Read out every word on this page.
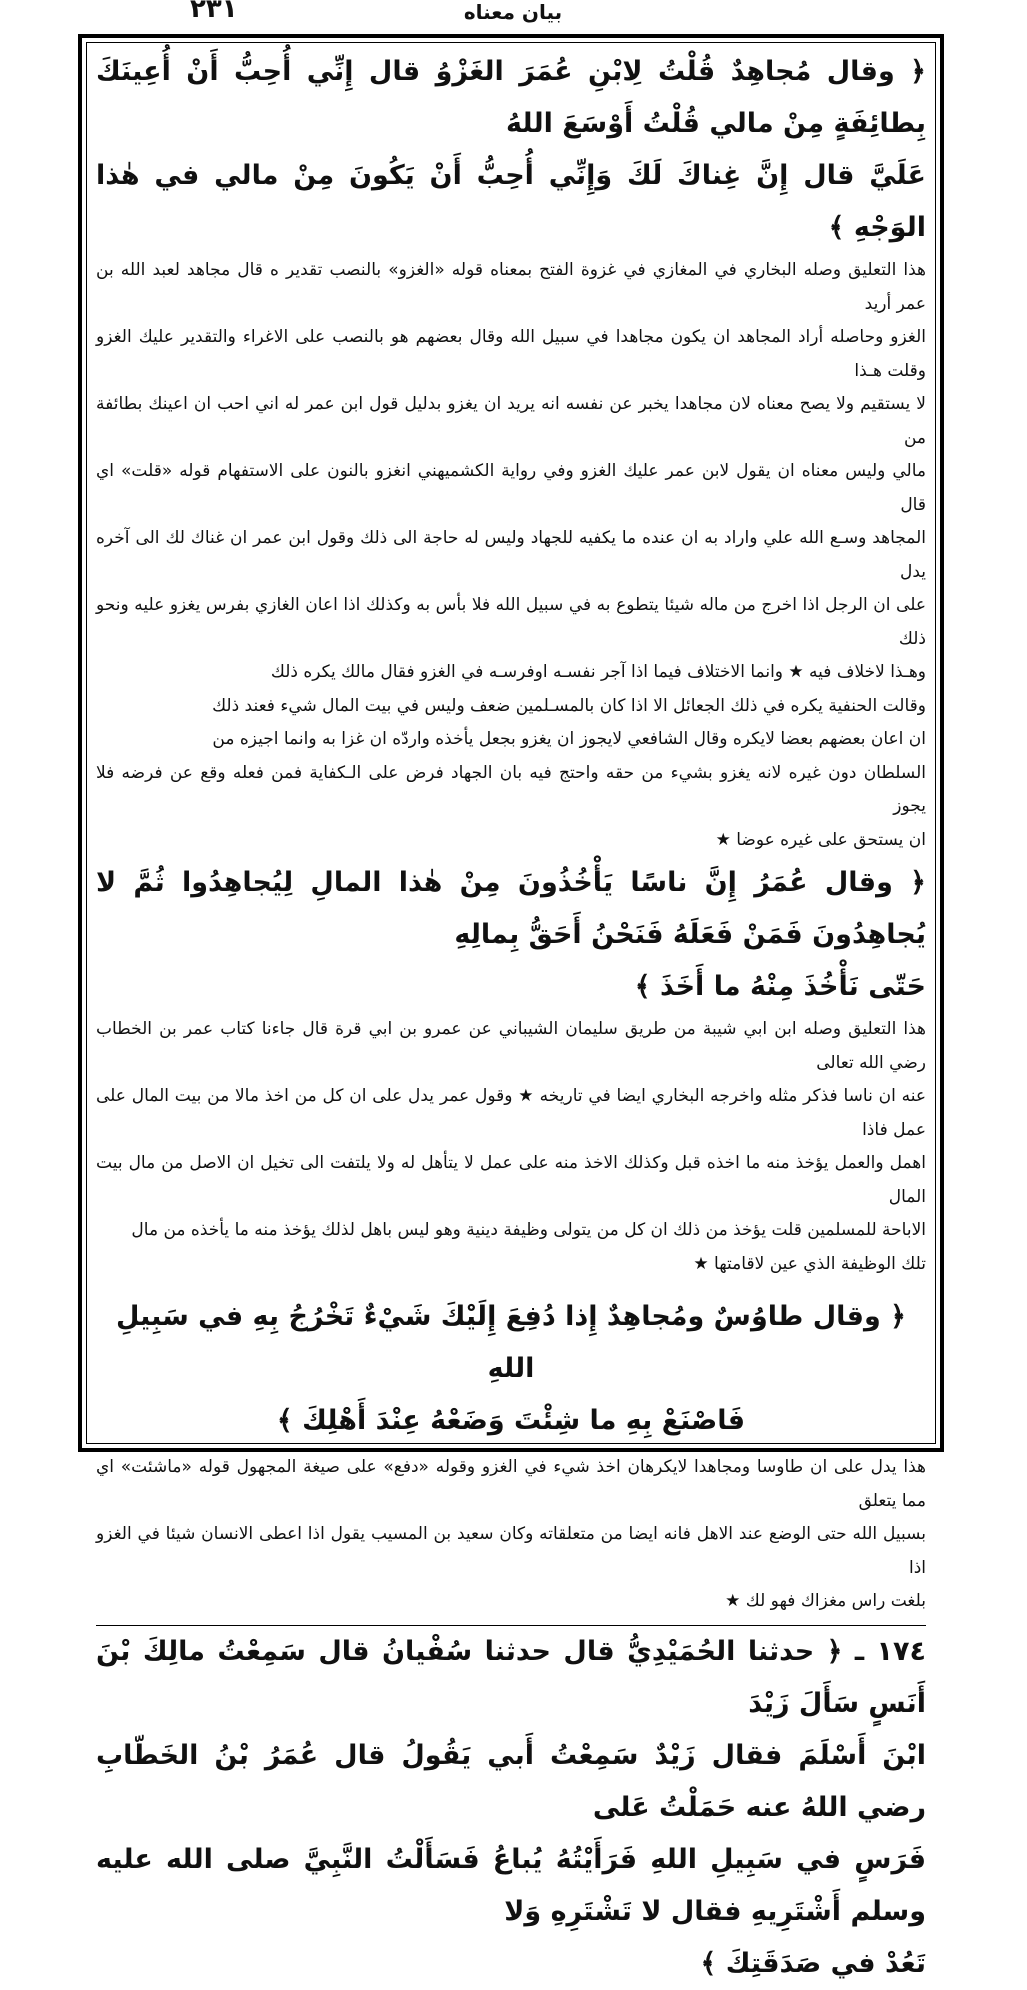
٢٣١	بيان معناه
﴿ وقال مُجاهِدٌ قُلْتُ لِابْنِ عُمَرَ الغَزْوُ قال إِنِّي أُحِبُّ أَنْ أُعِينَكَ بِطائِفَةٍ مِنْ مالي قُلْتُ أَوْسَعَ اللهُ
عَلَيَّ قال إِنَّ غِناكَ لَكَ وَإِنِّي أُحِبُّ أَنْ يَكُونَ مِنْ مالي في هٰذا الوَجْهِ ﴾
هذا التعليق وصله البخاري في المغازي في غزوة الفتح بمعناه قوله «الغزو» بالنصب تقدير ه قال مجاهد لعبد الله بن عمر أريد
الغزو وحاصله أراد المجاهد ان يكون مجاهدا في سبيل الله وقال بعضهم هو بالنصب على الاغراء والتقدير عليك الغزو وقلت هـذا
لا يستقيم ولا يصح معناه لان مجاهدا يخبر عن نفسه انه يريد ان يغزو بدليل قول ابن عمر له اني احب ان اعينك بطائفة من
مالي وليس معناه ان يقول لابن عمر عليك الغزو وفي رواية الكشميهني انغزو بالنون على الاستفهام قوله «قلت» اي قال
المجاهد وسـع الله علي واراد به ان عنده ما يكفيه للجهاد وليس له حاجة الى ذلك وقول ابن عمر ان غناك لك الى آخره يدل
على ان الرجل اذا اخرج من ماله شيئا يتطوع به في سبيل الله فلا بأس به وكذلك اذا اعان الغازي بفرس يغزو عليه ونحو ذلك
وهـذا لاخلاف فيه ★ وانما الاختلاف فيما اذا آجر نفسـه اوفرسـه في الغزو فقال مالك يكره ذلك
وقالت الحنفية يكره في ذلك الجعائل الا اذا كان بالمسـلمين ضعف وليس في بيت المال شيء فعند ذلك
ان اعان بعضهم بعضا لايكره وقال الشافعي لايجوز ان يغزو بجعل يأخذه واردّه ان غزا به وانما اجيزه من
السلطان دون غيره لانه يغزو بشيء من حقه واحتج فيه بان الجهاد فرض على الـكفاية فمن فعله وقع عن فرضه فلا يجوز
ان يستحق على غيره عوضا ★
﴿ وقال عُمَرُ إِنَّ ناسًا يَأْخُذُونَ مِنْ هٰذا المالِ لِيُجاهِدُوا ثُمَّ لا يُجاهِدُونَ فَمَنْ فَعَلَهُ فَنَحْنُ أَحَقُّ بِمالِهِ
حَتّى نَأْخُذَ مِنْهُ ما أَخَذَ ﴾
هذا التعليق وصله ابن ابي شيبة من طريق سليمان الشيباني عن عمرو بن ابي قرة قال جاءنا كتاب عمر بن الخطاب رضي الله تعالى
عنه ان ناسا فذكر مثله واخرجه البخاري ايضا في تاريخه ★ وقول عمر يدل على ان كل من اخذ مالا من بيت المال على عمل فاذا
اهمل والعمل يؤخذ منه ما اخذه قبل وكذلك الاخذ منه على عمل لا يتأهل له ولا يلتفت الى تخيل ان الاصل من مال بيت المال
الاباحة للمسلمين قلت يؤخذ من ذلك ان كل من يتولى وظيفة دينية وهو ليس باهل لذلك يؤخذ منه ما يأخذه من مال
تلك الوظيفة الذي عين لاقامتها ★
﴿ وقال طاوُسٌ ومُجاهِدٌ إِذا دُفِعَ إِلَيْكَ شَيْءٌ تَخْرُجُ بِهِ في سَبِيلِ اللهِ
فَاصْنَعْ بِهِ ما شِئْتَ وَضَعْهُ عِنْدَ أَهْلِكَ ﴾
هذا يدل على ان طاوسا ومجاهدا لايكرهان اخذ شيء في الغزو وقوله «دفع» على صيغة المجهول قوله «ماشئت» اي مما يتعلق
بسبيل الله حتى الوضع عند الاهل فانه ايضا من متعلقاته وكان سعيد بن المسيب يقول اذا اعطى الانسان شيئا في الغزو اذا
بلغت راس مغزاك فهو لك ★
١٧٤ ـ ﴿ حدثنا الحُمَيْدِيُّ قال حدثنا سُفْيانُ قال سَمِعْتُ مالِكَ بْنَ أَنَسٍ سَأَلَ زَيْدَ
ابْنَ أَسْلَمَ فقال زَيْدٌ سَمِعْتُ أَبي يَقُولُ قال عُمَرُ بْنُ الخَطّابِ رضي اللهُ عنه حَمَلْتُ عَلى
فَرَسٍ في سَبِيلِ اللهِ فَرَأَيْتُهُ يُباعُ فَسَأَلْتُ النَّبِيَّ صلى الله عليه وسلم أَشْتَرِيهِ فقال لا تَشْتَرِهِ وَلا
تَعُدْ في صَدَقَتِكَ ﴾
